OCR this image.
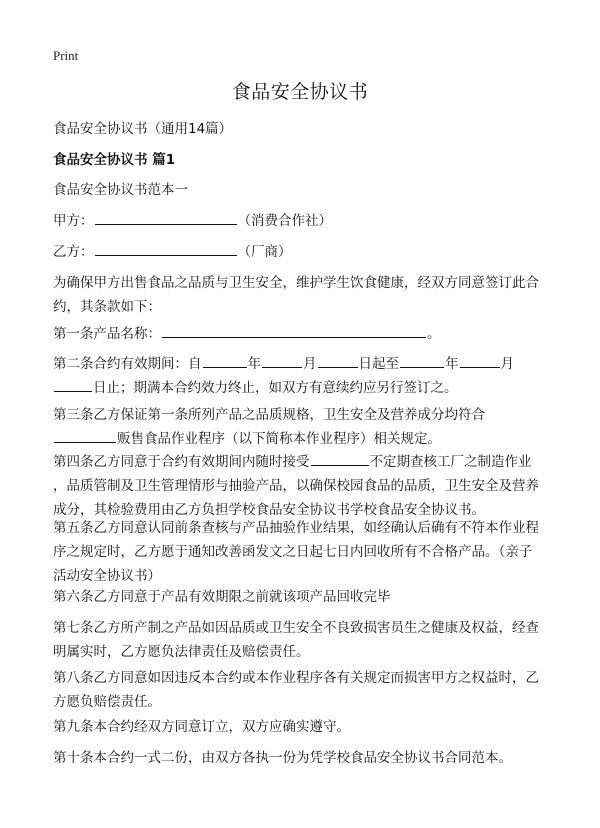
Print
食品安全协议书
食品安全协议书（通用14篇）
食品安全协议书 篇1
食品安全协议书范本一
甲方：	（消费合作社）
乙方：	（厂商）
为确保甲方出售食品之品质与卫生安全，维护学生饮食健康，经双方同意签订此合
约，其条款如下：
第一条产品名称：	。
第二条合约有效期间：自	年	月	日起至	年	月
日止；期满本合约效力终止，如双方有意续约应另行签订之。
第三条乙方保证第一条所列产品之品质规格，卫生安全及营养成分均符合
贩售食品作业程序（以下简称本作业程序）相关规定。
第四条乙方同意于合约有效期间内随时接受	不定期查核工厂之制造作业
，品质管制及卫生管理情形与抽验产品，以确保校园食品的品质，卫生安全及营养
成分，其检验费用由乙方负担学校食品安全协议书学校食品安全协议书。
第五条乙方同意认同前条查核与产品抽验作业结果，如经确认后确有不符本作业程
序之规定时，乙方愿于通知改善函发文之日起七日内回收所有不合格产品。（亲子
活动安全协议书）
第六条乙方同意于产品有效期限之前就该项产品回收完毕
第七条乙方所产制之产品如因品质或卫生安全不良致损害员生之健康及权益，经查
明属实时，乙方愿负法律责任及赔偿责任。
第八条乙方同意如因违反本合约或本作业程序各有关规定而损害甲方之权益时，乙
方愿负赔偿责任。
第九条本合约经双方同意订立，双方应确实遵守。
第十条本合约一式二份，由双方各执一份为凭学校食品安全协议书合同范本。
